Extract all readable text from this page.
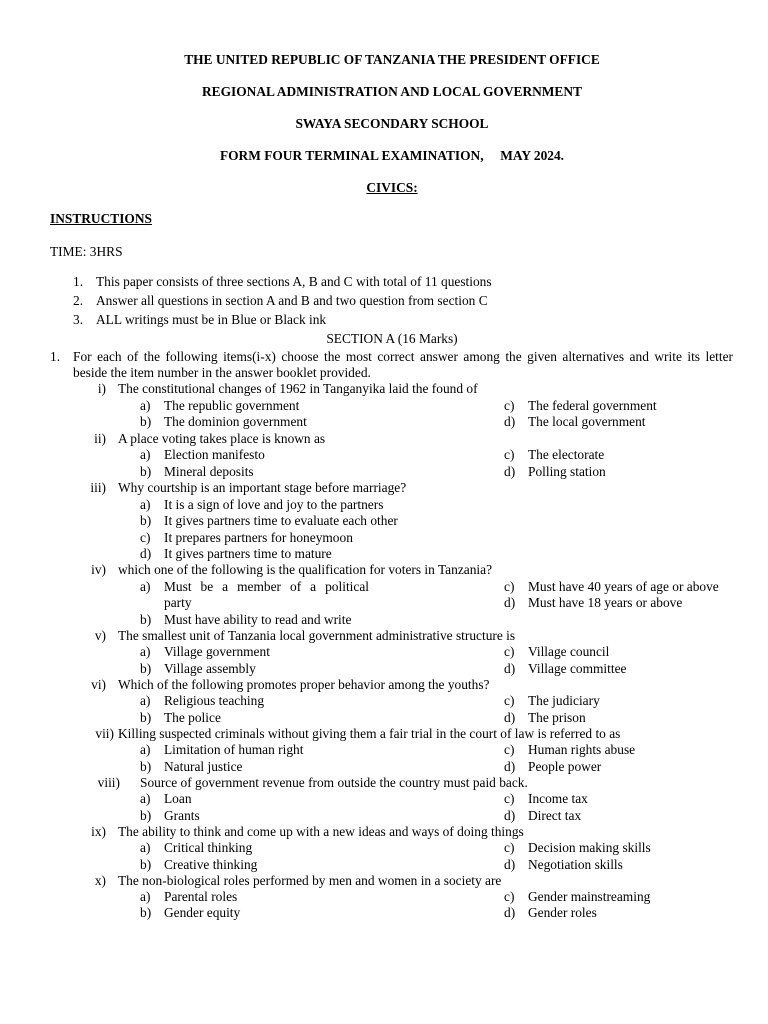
THE UNITED REPUBLIC OF TANZANIA THE PRESIDENT OFFICE
REGIONAL ADMINISTRATION AND LOCAL GOVERNMENT
SWAYA SECONDARY SCHOOL
FORM FOUR TERMINAL EXAMINATION,     MAY 2024.
CIVICS:
INSTRUCTIONS
TIME: 3HRS
1. This paper consists of three sections A, B and C with total of 11 questions
2. Answer all questions in section A and B and two question from section C
3. ALL writings must be in Blue or Black ink
SECTION A (16 Marks)
1. For each of the following items(i-x) choose the most correct answer among the given alternatives and write its letter
beside the item number in the answer booklet provided.
i) The constitutional changes of 1962 in Tanganyika laid the found of
a) The republic government
b) The dominion government
c) The federal government
d) The local government
ii) A place voting takes place is known as
a) Election manifesto
b) Mineral deposits
c) The electorate
d) Polling station
iii) Why courtship is an important stage before marriage?
a) It is a sign of love and joy to the partners
b) It gives partners time to evaluate each other
c) It prepares partners for honeymoon
d) It gives partners time to mature
iv) which one of the following is the qualification for voters in Tanzania?
a) Must be a member of a political
party
b) Must have ability to read and write
c) Must have 40 years of age or above
d) Must have 18 years or above
v) The smallest unit of Tanzania local government administrative structure is
a) Village government
b) Village assembly
c) Village council
d) Village committee
vi) Which of the following promotes proper behavior among the youths?
a) Religious teaching
b) The police
c) The judiciary
d) The prison
vii) Killing suspected criminals without giving them a fair trial in the court of law is referred to as
a) Limitation of human right
b) Natural justice
c) Human rights abuse
d) People power
viii) Source of government revenue from outside the country must paid back.
a) Loan
b) Grants
c) Income tax
d) Direct tax
ix) The ability to think and come up with a new ideas and ways of doing things
a) Critical thinking
b) Creative thinking
c) Decision making skills
d) Negotiation skills
x) The non-biological roles performed by men and women in a society are
a) Parental roles
b) Gender equity
c) Gender mainstreaming
d) Gender roles
